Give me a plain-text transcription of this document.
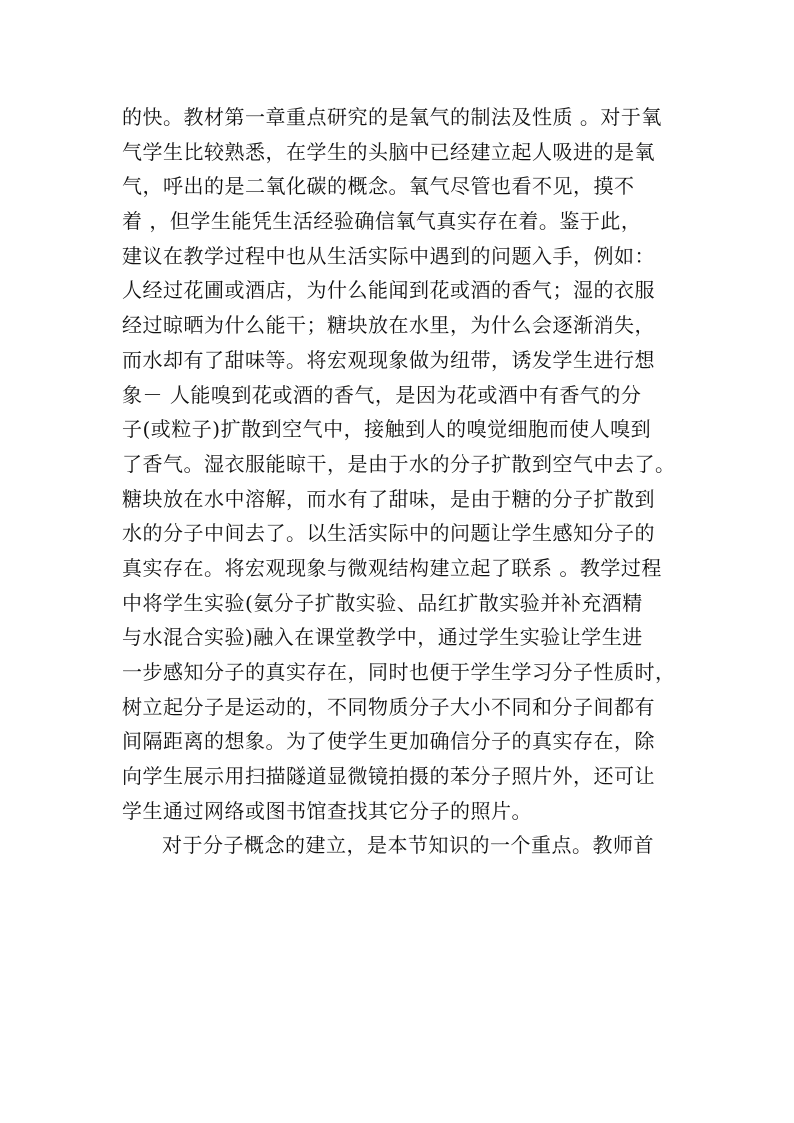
的快。教材第一章重点研究的是氧气的制法及性质 。对于氧
气学生比较熟悉，在学生的头脑中已经建立起人吸进的是氧
气，呼出的是二氧化碳的概念。氧气尽管也看不见，摸不
着 ，但学生能凭生活经验确信氧气真实存在着。鉴于此，
建议在教学过程中也从生活实际中遇到的问题入手，例如：
人经过花圃或酒店，为什么能闻到花或酒的香气；湿的衣服
经过晾晒为什么能干；糖块放在水里，为什么会逐渐消失，
而水却有了甜味等。将宏观现象做为纽带，诱发学生进行想
象－ 人能嗅到花或酒的香气，是因为花或酒中有香气的分
子(或粒子)扩散到空气中，接触到人的嗅觉细胞而使人嗅到
了香气。湿衣服能晾干，是由于水的分子扩散到空气中去了。
糖块放在水中溶解，而水有了甜味，是由于糖的分子扩散到
水的分子中间去了。以生活实际中的问题让学生感知分子的
真实存在。将宏观现象与微观结构建立起了联系 。教学过程
中将学生实验(氨分子扩散实验、品红扩散实验并补充酒精
与水混合实验)融入在课堂教学中，通过学生实验让学生进
一步感知分子的真实存在，同时也便于学生学习分子性质时，
树立起分子是运动的，不同物质分子大小不同和分子间都有
间隔距离的想象。为了使学生更加确信分子的真实存在，除
向学生展示用扫描隧道显微镜拍摄的苯分子照片外，还可让
学生通过网络或图书馆查找其它分子的照片。
对于分子概念的建立，是本节知识的一个重点。教师首
